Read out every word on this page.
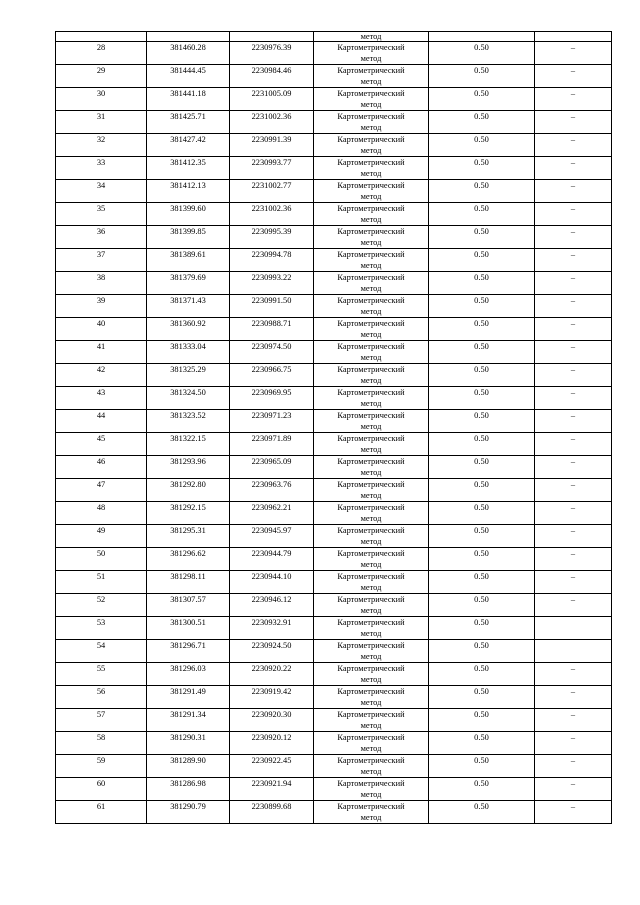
			метод		

28	381460.28	2230976.39	Картометрический
метод	0.50	–

29	381444.45	2230984.46	Картометрический
метод	0.50	–

30	381441.18	2231005.09	Картометрический
метод	0.50	–

31	381425.71	2231002.36	Картометрический
метод	0.50	–

32	381427.42	2230991.39	Картометрический
метод	0.50	–

33	381412.35	2230993.77	Картометрический
метод	0.50	–

34	381412.13	2231002.77	Картометрический
метод	0.50	–

35	381399.60	2231002.36	Картометрический
метод	0.50	–

36	381399.85	2230995.39	Картометрический
метод	0.50	–

37	381389.61	2230994.78	Картометрический
метод	0.50	–

38	381379.69	2230993.22	Картометрический
метод	0.50	–

39	381371.43	2230991.50	Картометрический
метод	0.50	–

40	381360.92	2230988.71	Картометрический
метод	0.50	–

41	381333.04	2230974.50	Картометрический
метод	0.50	–

42	381325.29	2230966.75	Картометрический
метод	0.50	–

43	381324.50	2230969.95	Картометрический
метод	0.50	–

44	381323.52	2230971.23	Картометрический
метод	0.50	–

45	381322.15	2230971.89	Картометрический
метод	0.50	–

46	381293.96	2230965.09	Картометрический
метод	0.50	–

47	381292.80	2230963.76	Картометрический
метод	0.50	–

48	381292.15	2230962.21	Картометрический
метод	0.50	–

49	381295.31	2230945.97	Картометрический
метод	0.50	–

50	381296.62	2230944.79	Картометрический
метод	0.50	–

51	381298.11	2230944.10	Картометрический
метод	0.50	–

52	381307.57	2230946.12	Картометрический
метод	0.50	–

53	381300.51	2230932.91	Картометрический
метод	0.50	

54	381296.71	2230924.50	Картометрический
метод	0.50	

55	381296.03	2230920.22	Картометрический
метод	0.50	–

56	381291.49	2230919.42	Картометрический
метод	0.50	–

57	381291.34	2230920.30	Картометрический
метод	0.50	–

58	381290.31	2230920.12	Картометрический
метод	0.50	–

59	381289.90	2230922.45	Картометрический
метод	0.50	–

60	381286.98	2230921.94	Картометрический
метод	0.50	–

61	381290.79	2230899.68	Картометрический
метод	0.50	–
